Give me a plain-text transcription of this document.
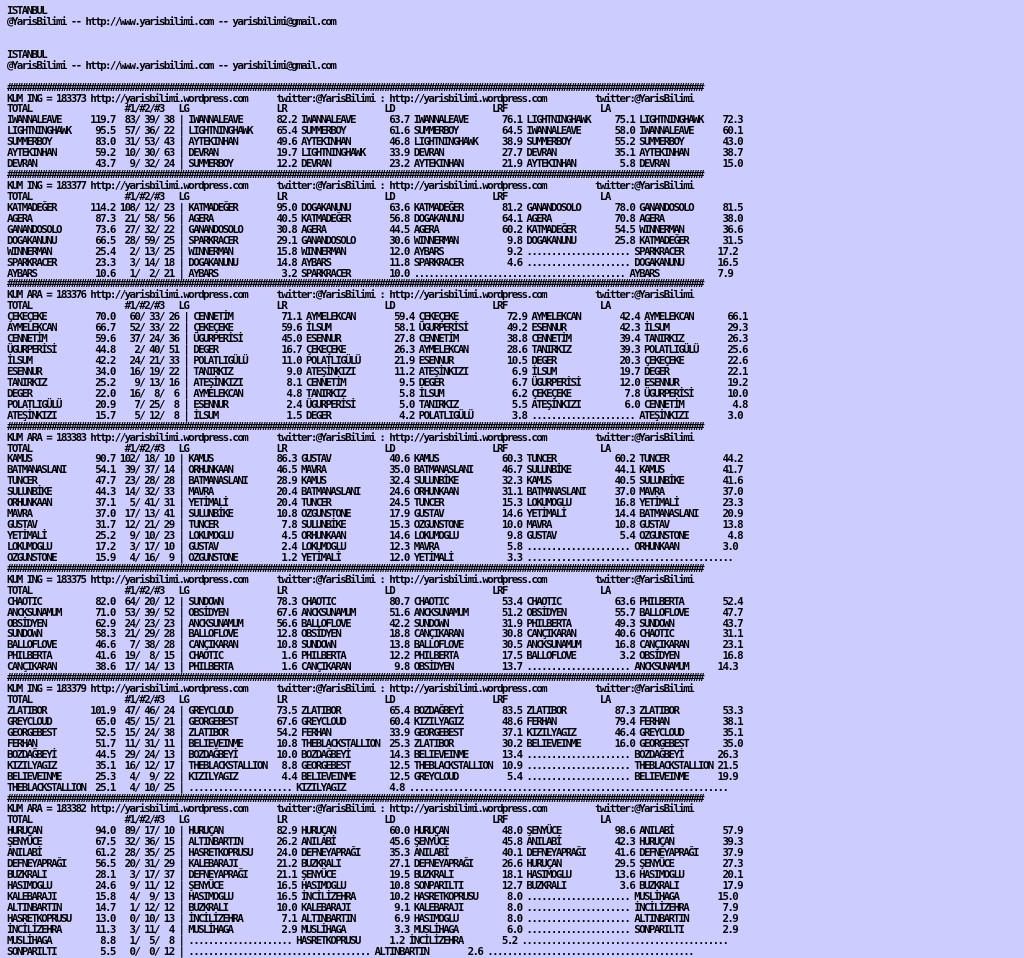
ISTANBUL
@YarisBilimi -- http://www.yarisbilimi.com -- yarisbilimi@gmail.com
ISTANBUL
@YarisBilimi -- http://www.yarisbilimi.com -- yarisbilimi@gmail.com

##############################################################################################################################################
KUM ING = 183373 http://yarisbilimi.wordpress.com      twitter:@YarisBilimi : http://yarisbilimi.wordpress.com          twitter:@YarisBilimi
TOTAL                   #1/#2/#3   LG                  LR                    LD                    LRF                   LA
IWANNALEAVE      119.7  83/ 39/ 38 | IWANNALEAVE       82.2 IWANNALEAVE       63.7 IWANNALEAVE       76.1 LIGHTNINGHAWK     75.1 LIGHTNINGHAWK    72.3
LIGHTNINGHAWK     95.5  57/ 36/ 22 | LIGHTNINGHAWK     65.4 SUMMERBOY         61.6 SUMMERBOY         64.5 IWANNALEAVE       58.0 IWANNALEAVE      60.1
SUMMERBOY         83.0  31/ 53/ 43 | AYTEKINHAN        49.6 AYTEKINHAN        46.8 LIGHTNINGHAWK     38.9 SUMMERBOY         55.2 SUMMERBOY        43.0
AYTEKINHAN        59.2  10/ 30/ 63 | DEVRAN            19.7 LIGHTNINGHAWK     33.9 DEVRAN            27.7 DEVRAN            35.1 AYTEKINHAN       38.7
DEVRAN            43.7   9/ 32/ 24 | SUMMERBOY         12.2 DEVRAN            23.2 AYTEKINHAN        21.9 AYTEKINHAN         5.8 DEVRAN           15.0
##############################################################################################################################################
KUM ING = 183377 http://yarisbilimi.wordpress.com      twitter:@YarisBilimi : http://yarisbilimi.wordpress.com          twitter:@YarisBilimi
TOTAL                   #1/#2/#3   LG                  LR                    LD                    LRF                   LA
KATMADEĞER       114.2 108/ 12/ 23 | KATMADEĞER        95.0 DOGAKANUNU        63.6 KATMADEĞER        81.2 GANANDOSOLO       78.0 GANANDOSOLO      81.5
AGERA             87.3  21/ 58/ 56 | AGERA             40.5 KATMADEĞER        56.8 DOGAKANUNU        64.1 AGERA             70.8 AGERA            38.0
GANANDOSOLO       73.6  27/ 32/ 22 | GANANDOSOLO       30.8 AGERA             44.5 AGERA             60.2 KATMADEĞER        54.5 WINNERMAN        36.6
DOGAKANUNU        66.5  28/ 59/ 25 | SPARKRACER        29.1 GANANDOSOLO       30.6 WINNERMAN          9.8 DOGAKANUNU        25.8 KATMADEĞER       31.5
WINNERMAN         25.4   2/ 13/ 25 | WINNERMAN         15.8 WINNERMAN         12.0 AYBARS             9.2 ..................... SPARKRACER       17.2
SPARKRACER        23.3   3/ 14/ 18 | DOGAKANUNU        14.8 AYBARS            11.8 SPARKRACER         4.6 ..................... DOGAKANUNU       16.5
AYBARS            10.6   1/  2/ 21 | AYBARS             3.2 SPARKRACER        10.0 ........................................... AYBARS            7.9
##############################################################################################################################################
KUM ARA = 183376 http://yarisbilimi.wordpress.com      twitter:@YarisBilimi : http://yarisbilimi.wordpress.com          twitter:@YarisBilimi
TOTAL                   #1/#2/#3   LG                  LR                    LD                    LRF                   LA
ÇEKEÇEKE          70.0   60/ 33/ 26 | CENNETİM          71.1 AYMELEKCAN        59.4 ÇEKEÇEKE          72.9 AYMELEKCAN        42.4 AYMELEKCAN       66.1
AYMELEKCAN        66.7   52/ 33/ 22 | ÇEKEÇEKE          59.6 İLSUM             58.1 ÜGURPERİSİ        49.2 ESENNUR           42.3 İLSUM            29.3
CENNETİM          59.6   37/ 24/ 36 | ÜGURPERİSİ        45.0 ESENNUR           27.8 CENNETİM          38.8 CENNETİM          39.4 TANIRKIZ         26.3
ÜGURPERİSİ        44.8    2/ 40/ 51 | DEGER             16.7 ÇEKEÇEKE          26.3 AYMELEKCAN        28.6 TANIRKIZ          39.3 POLATLIGÜLÜ      25.6
İLSUM             42.2   24/ 21/ 33 | POLATLIGÜLÜ       11.0 POLATLIGÜLÜ       21.9 ESENNUR           10.5 DEGER             20.3 ÇEKEÇEKE         22.6
ESENNUR           34.0   16/ 19/ 22 | TANIRKIZ           9.0 ATEŞİNKIZI        11.2 ATEŞİNKIZI         6.9 İLSUM             19.7 DEGER            22.1
TANIRKIZ          25.2    9/ 13/ 16 | ATEŞİNKIZI         8.1 CENNETİM           9.5 DEGER              6.7 ÜGURPERİSİ        12.0 ESENNUR          19.2
DEGER             22.0   16/  8/  6 | AYMELEKCAN         4.8 TANIRKIZ           5.8 İLSUM              6.2 ÇEKEÇEKE           7.8 ÜGURPERİSİ       10.0
POLATLIGÜLÜ       20.9    7/ 25/  8 | ESENNUR            2.4 ÜGURPERİSİ         5.0 TANIRKIZ           5.5 ATEŞİNKIZI         6.0 CENNETİM          4.8
ATEŞİNKIZI        15.7    5/ 12/  8 | İLSUM              1.5 DEGER              4.2 POLATLIGÜLÜ        3.8 ..................... ATEŞİNKIZI        3.0
##############################################################################################################################################
KUM ARA = 183383 http://yarisbilimi.wordpress.com      twitter:@YarisBilimi : http://yarisbilimi.wordpress.com          twitter:@YarisBilimi
TOTAL                   #1/#2/#3   LG                  LR                    LD                    LRF                   LA
KAMUS             90.7 102/ 18/ 10 | KAMUS             86.3 GUSTAV            40.6 KAMUS             60.3 TUNCER            60.2 TUNCER           44.2
BATMANASLANI      54.1  39/ 37/ 14 | ORHUNKAAN         46.5 MAVRA             35.0 BATMANASLANI      46.7 SULUNBİKE         44.1 KAMUS            41.7
TUNCER            47.7  23/ 28/ 28 | BATMANASLANI      28.9 KAMUS             32.4 SULUNBİKE         32.3 KAMUS             40.5 SULUNBİKE        41.6
SULUNBİKE         44.3  14/ 32/ 33 | MAVRA             20.4 BATMANASLANI      24.6 ORHUNKAAN         31.1 BATMANASLANI      37.0 MAVRA            37.0
ORHUNKAAN         37.1   5/ 41/ 31 | YETİMALİ          20.4 TUNCER            24.5 TUNCER            15.3 LOKUMOGLU         16.8 YETİMALİ         23.3
MAVRA             37.0  17/ 13/ 41 | SULUNBİKE         10.8 OZGUNSTONE        17.9 GUSTAV            14.6 YETİMALİ          14.4 BATMANASLANI     20.9
GUSTAV            31.7  12/ 21/ 29 | TUNCER             7.8 SULUNBİKE         15.3 OZGUNSTONE        10.0 MAVRA             10.8 GUSTAV           13.8
YETİMALİ          25.2   9/ 10/ 23 | LOKUMOGLU          4.5 ORHUNKAAN         14.6 LOKUMOGLU          9.8 GUSTAV             5.4 OZGUNSTONE        4.8
LOKUMOGLU         17.2   3/ 17/ 10 | GUSTAV             2.4 LOKUMOGLU         12.3 MAVRA              5.8 ..................... ORHUNKAAN         3.0
OZGUNSTONE        15.9   4/ 16/  9 | OZGUNSTONE         1.2 YETİMALİ          12.0 YETİMALİ           3.3 ..........................................
##############################################################################################################################################
KUM ING = 183375 http://yarisbilimi.wordpress.com      twitter:@YarisBilimi : http://yarisbilimi.wordpress.com          twitter:@YarisBilimi
TOTAL                   #1/#2/#3   LG                  LR                    LD                    LRF                   LA
CHAOTIC           82.0  64/ 20/ 12 | SUNDOWN           78.3 CHAOTIC           80.7 CHAOTIC           53.4 CHAOTIC           63.6 PHILBERTA        52.4
ANCKSUNAMUM       71.0  53/ 39/ 52 | OBSİDYEN          67.6 ANCKSUNAMUM       51.6 ANCKSUNAMUM       51.2 OBSİDYEN          55.7 BALLOFLOVE       47.7
OBSİDYEN          62.9  24/ 23/ 23 | ANCKSUNAMUM       56.6 BALLOFLOVE        42.2 SUNDOWN           31.9 PHILBERTA         49.3 SUNDOWN          43.7
SUNDOWN           58.3  21/ 29/ 28 | BALLOFLOVE        12.8 OBSİDYEN          18.8 CANÇIKARAN        30.8 CANÇIKARAN        40.6 CHAOTIC          31.1
BALLOFLOVE        46.6   7/ 38/ 28 | CANÇIKARAN        10.8 SUNDOWN           13.8 BALLOFLOVE        30.5 ANCKSUNAMUM       16.8 CANÇIKARAN       23.1
PHILBERTA         41.6  19/  8/ 15 | CHAOTIC            1.6 PHILBERTA         12.2 PHILBERTA         17.5 BALLOFLOVE         3.2 OBSİDYEN         16.8
CANÇIKARAN        38.6  17/ 14/ 13 | PHILBERTA          1.6 CANÇIKARAN         9.8 OBSİDYEN          13.7 ..................... ANCKSUNAMUM      14.3
##############################################################################################################################################
KUM ING = 183379 http://yarisbilimi.wordpress.com      twitter:@YarisBilimi : http://yarisbilimi.wordpress.com          twitter:@YarisBilimi
TOTAL                   #1/#2/#3   LG                  LR                    LD                    LRF                   LA
ZLATIBOR         101.9  47/ 46/ 24 | GREYCLOUD         73.5 ZLATIBOR          65.4 BOZDAĞBEYİ        83.5 ZLATIBOR          87.3 ZLATIBOR         53.3
GREYCLOUD         65.0  45/ 15/ 21 | GEORGEBEST        67.6 GREYCLOUD         60.4 KIZILYAGIZ        48.6 FERHAN            79.4 FERHAN           38.1
GEORGEBEST        52.5  15/ 24/ 38 | ZLATIBOR          54.2 FERHAN            33.9 GEORGEBEST        37.1 KIZILYAGIZ        46.4 GREYCLOUD        35.1
FERHAN            51.7  11/ 31/ 11 | BELIEVEINME       10.8 THEBLACKSTALLION  25.3 ZLATIBOR          30.2 BELIEVEINME       16.0 GEORGEBEST       35.0
BOZDAĞBEYİ        44.5  29/ 24/ 13 | BOZDAĞBEYİ        10.0 BOZDAĞBEYİ        14.3 BELIEVEINME       13.4 ..................... BOZDAĞBEYİ       26.3
KIZILYAGIZ        35.1  16/ 12/ 17 | THEBLACKSTALLION   8.8 GEORGEBEST        12.5 THEBLACKSTALLION  10.9 ..................... THEBLACKSTALLION 21.5
BELIEVEINME       25.3   4/  9/ 22 | KIZILYAGIZ         4.4 BELIEVEINME       12.5 GREYCLOUD          5.4 ..................... BELIEVEINME      19.9
THEBLACKSTALLION  25.1   4/ 10/ 25 | ..................... KIZILYAGIZ         4.8 .................................................................
##############################################################################################################################################
KUM ARA = 183382 http://yarisbilimi.wordpress.com      twitter:@YarisBilimi : http://yarisbilimi.wordpress.com          twitter:@YarisBilimi
TOTAL                   #1/#2/#3   LG                  LR                    LD                    LRF                   LA
HURUÇAN           94.0  89/ 17/ 10 | HURUÇAN           82.9 HURUÇAN           60.0 HURUÇAN           48.0 ŞENYÜCE           98.6 ANILABİ          57.9
ŞENYÜCE           67.5  32/ 36/ 15 | ALTINBARTIN       26.2 ANILABİ           45.6 ŞENYÜCE           45.8 ANILABİ           42.3 HURUÇAN          39.3
ANILABİ           61.2  28/ 35/ 25 | HASRETKOPRUSU     24.0 DEFNEYAPRAĞI      35.3 ANILABİ           40.1 DEFNEYAPRAĞI      41.6 DEFNEYAPRAĞI     37.9
DEFNEYAPRAĞI      56.5  20/ 31/ 29 | KALEBARAJI        21.2 BUZKRALI          27.1 DEFNEYAPRAĞI      26.6 HURUÇAN           29.5 ŞENYÜCE          27.3
BUZKRALI          28.1   3/ 17/ 37 | DEFNEYAPRAĞI      21.1 ŞENYÜCE           19.5 BUZKRALI          18.1 HASIMOGLU         13.6 HASIMOGLU        20.1
HASIMOGLU         24.6   9/ 11/ 12 | ŞENYÜCE           16.5 HASIMOGLU         10.8 SONPARILTI        12.7 BUZKRALI           3.6 BUZKRALI         17.9
KALEBARAJI        15.8   4/  9/ 13 | HASIMOGLU         16.5 İNCİLİZEHRA       10.2 HASRETKOPRUSU      8.0 ..................... MUSLİHAGA        15.0
ALTINBARTIN       14.7   1/ 12/ 12 | BUZKRALI          10.0 KALEBARAJI         9.1 KALEBARAJI         8.0 ..................... İNCİLİZEHRA       7.9
HASRETKOPRUSU     13.0   0/ 10/ 13 | İNCİLİZEHRA        7.1 ALTINBARTIN        6.9 HASIMOGLU          8.0 ..................... ALTINBARTIN       2.9
İNCİLİZEHRA       11.3   3/ 11/  4 | MUSLİHAGA          2.9 MUSLİHAGA          3.3 MUSLİHAGA          6.0 ..................... SONPARILTI        2.9
MUSLİHAGA          8.8   1/  5/  8 | ..................... HASRETKOPRUSU      1.2 İNCİLİZEHRA        5.2 ..........................................
SONPARILTI         5.5   0/  0/ 12 | ..................................... ALTINBARTIN        2.6 ..........................................
